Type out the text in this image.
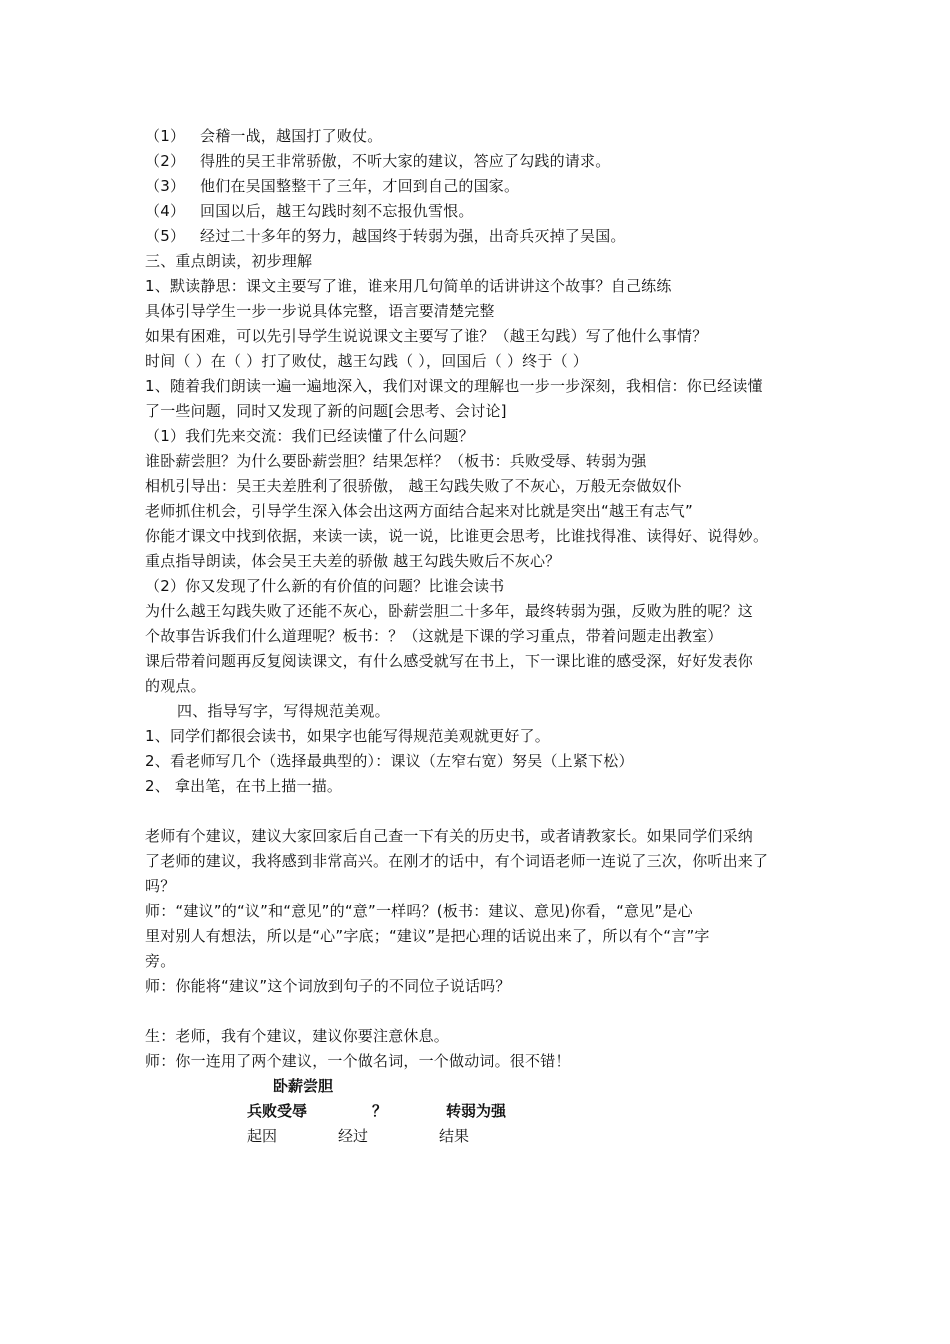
（1） 会稽一战，越国打了败仗。
（2） 得胜的吴王非常骄傲，不听大家的建议，答应了勾践的请求。
（3） 他们在吴国整整干了三年，才回到自己的国家。
（4） 回国以后，越王勾践时刻不忘报仇雪恨。
（5） 经过二十多年的努力，越国终于转弱为强，出奇兵灭掉了吴国。
三、重点朗读，初步理解
1、默读静思：课文主要写了谁，谁来用几句简单的话讲讲这个故事？自己练练
具体引导学生一步一步说具体完整，语言要清楚完整
如果有困难，可以先引导学生说说课文主要写了谁？（越王勾践）写了他什么事情？
时间（ ）在（ ）打了败仗，越王勾践（ ），回国后（ ）终于（ ）
1、随着我们朗读一遍一遍地深入，我们对课文的理解也一步一步深刻，我相信：你已经读懂
了一些问题，同时又发现了新的问题[会思考、会讨论]
（1）我们先来交流：我们已经读懂了什么问题？
谁卧薪尝胆？为什么要卧薪尝胆？结果怎样？（板书：兵败受辱、转弱为强
相机引导出：吴王夫差胜利了很骄傲， 越王勾践失败了不灰心，万般无奈做奴仆
老师抓住机会，引导学生深入体会出这两方面结合起来对比就是突出“越王有志气”
你能才课文中找到依据，来读一读，说一说，比谁更会思考，比谁找得准、读得好、说得妙。
重点指导朗读，体会吴王夫差的骄傲 越王勾践失败后不灰心？
（2）你又发现了什么新的有价值的问题？比谁会读书
为什么越王勾践失败了还能不灰心，卧薪尝胆二十多年，最终转弱为强，反败为胜的呢？这
个故事告诉我们什么道理呢？板书：？（这就是下课的学习重点，带着问题走出教室）
课后带着问题再反复阅读课文，有什么感受就写在书上，下一课比谁的感受深，好好发表你
的观点。
四、指导写字，写得规范美观。
1、同学们都很会读书，如果字也能写得规范美观就更好了。
2、看老师写几个（选择最典型的）：课议（左窄右宽）努吴（上紧下松）
2、 拿出笔，在书上描一描。
老师有个建议，建议大家回家后自己查一下有关的历史书，或者请教家长。如果同学们采纳
了老师的建议，我将感到非常高兴。在刚才的话中，有个词语老师一连说了三次，你听出来了
吗？
师：“建议”的“议”和“意见”的“意”一样吗？(板书：建议、意见)你看，“意见”是心
里对别人有想法，所以是“心”字底；“建议”是把心理的话说出来了，所以有个“言”字
旁。
师：你能将“建议”这个词放到句子的不同位子说话吗？
生：老师，我有个建议，建议你要注意休息。
师：你一连用了两个建议，一个做名词，一个做动词。很不错！
卧薪尝胆
兵败受辱	？	转弱为强
起因	经过	结果
